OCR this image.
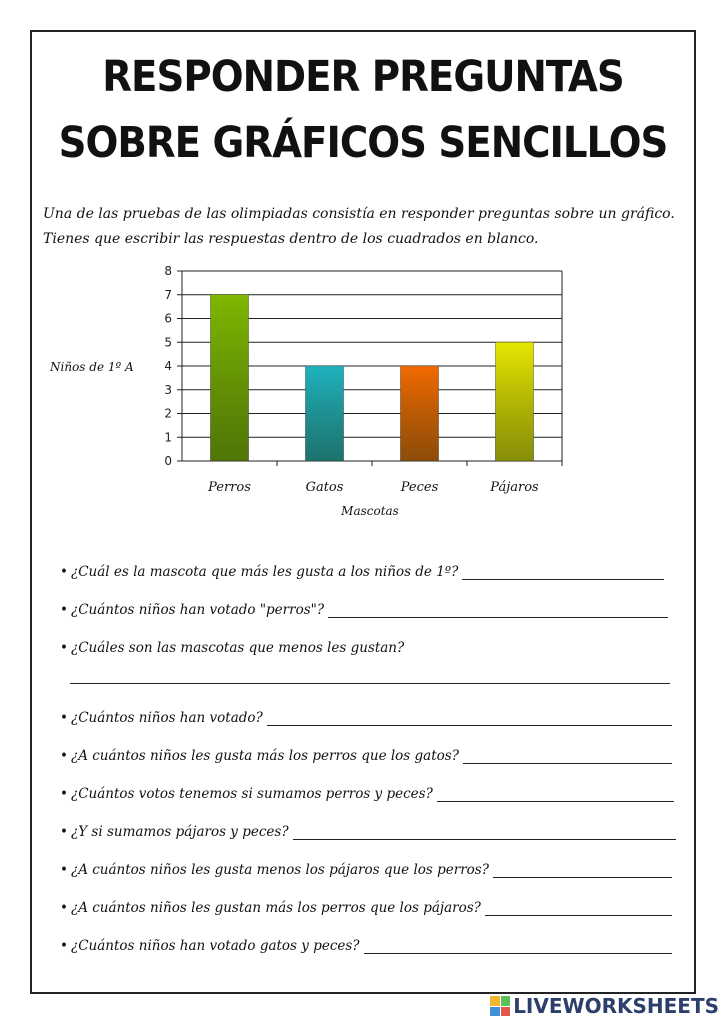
RESPONDER PREGUNTAS
SOBRE GRÁFICOS SENCILLOS

Una de las pruebas de las olimpiadas consistía en responder preguntas sobre un gráfico. Tienes que escribir las respuestas dentro de los cuadrados en blanco.

Niños de 1º A
0
1
2
3
4
5
6
7
8
Perros	Gatos	Peces	Pájaros
Mascotas
• ¿Cuál es la mascota que más les gusta a los niños de 1º?
• ¿Cuántos niños han votado "perros"?
• ¿Cuáles son las mascotas que menos les gustan?
• ¿Cuántos niños han votado?
• ¿A cuántos niños les gusta más los perros que los gatos?
• ¿Cuántos votos tenemos si sumamos perros y peces?
• ¿Y si sumamos pájaros y peces?
• ¿A cuántos niños les gusta menos los pájaros que los perros?
• ¿A cuántos niños les gustan más los perros que los pájaros?
• ¿Cuántos niños han votado gatos y peces?
LIVEWORKSHEETS
